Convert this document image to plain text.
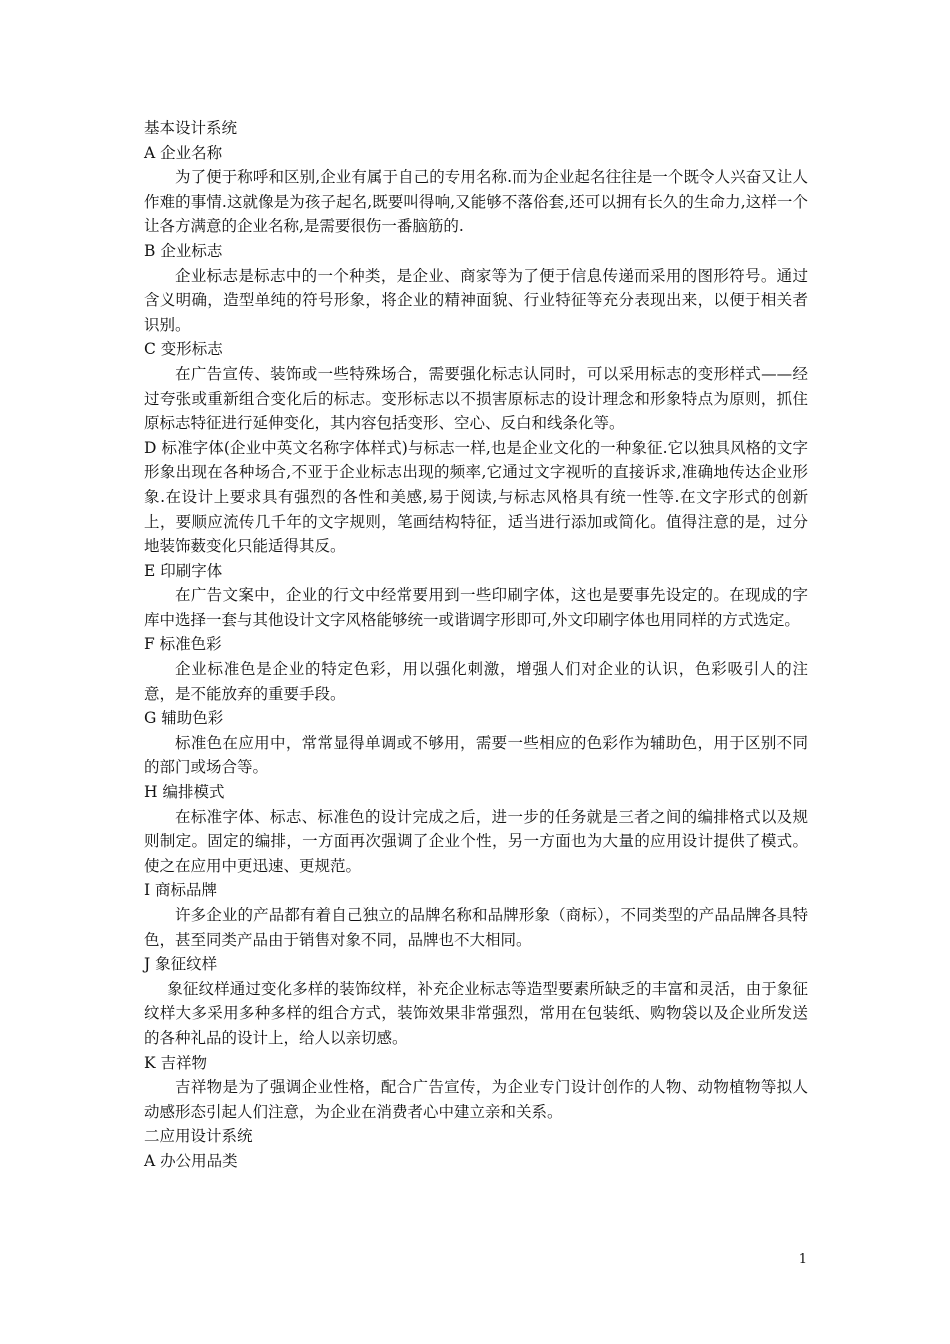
基本设计系统

A 企业名称

为了便于称呼和区别,企业有属于自己的专用名称.而为企业起名往往是一个既令人兴奋又让人作难的事情.这就像是为孩子起名,既要叫得响,又能够不落俗套,还可以拥有长久的生命力,这样一个让各方满意的企业名称,是需要很伤一番脑筋的.

B 企业标志

企业标志是标志中的一个种类，是企业、商家等为了便于信息传递而采用的图形符号。通过含义明确，造型单纯的符号形象，将企业的精神面貌、行业特征等充分表现出来，以便于相关者识别。

C 变形标志

在广告宣传、装饰或一些特殊场合，需要强化标志认同时，可以采用标志的变形样式——经过夸张或重新组合变化后的标志。变形标志以不损害原标志的设计理念和形象特点为原则，抓住原标志特征进行延伸变化，其内容包括变形、空心、反白和线条化等。

D 标准字体(企业中英文名称字体样式)与标志一样,也是企业文化的一种象征.它以独具风格的文字形象出现在各种场合,不亚于企业标志出现的频率,它通过文字视听的直接诉求,准确地传达企业形象.在设计上要求具有强烈的各性和美感,易于阅读,与标志风格具有统一性等.在文字形式的创新上，要顺应流传几千年的文字规则，笔画结构特征，适当进行添加或简化。值得注意的是，过分地装饰薮变化只能适得其反。

E 印刷字体

在广告文案中，企业的行文中经常要用到一些印刷字体，这也是要事先设定的。在现成的字库中选择一套与其他设计文字风格能够统一或谐调字形即可,外文印刷字体也用同样的方式选定。

F 标准色彩

企业标准色是企业的特定色彩，用以强化刺激，增强人们对企业的认识，色彩吸引人的注意，是不能放弃的重要手段。

G 辅助色彩

标准色在应用中，常常显得单调或不够用，需要一些相应的色彩作为辅助色，用于区别不同的部门或场合等。

H 编排模式

在标准字体、标志、标准色的设计完成之后，进一步的任务就是三者之间的编排格式以及规则制定。固定的编排，一方面再次强调了企业个性，另一方面也为大量的应用设计提供了模式。使之在应用中更迅速、更规范。

I 商标品牌

许多企业的产品都有着自己独立的品牌名称和品牌形象（商标），不同类型的产品品牌各具特色，甚至同类产品由于销售对象不同，品牌也不大相同。

J 象征纹样

象征纹样通过变化多样的装饰纹样，补充企业标志等造型要素所缺乏的丰富和灵活，由于象征纹样大多采用多种多样的组合方式，装饰效果非常强烈，常用在包装纸、购物袋以及企业所发送的各种礼品的设计上，给人以亲切感。

K 吉祥物

吉祥物是为了强调企业性格，配合广告宣传，为企业专门设计创作的人物、动物植物等拟人动感形态引起人们注意，为企业在消费者心中建立亲和关系。

二应用设计系统

A 办公用品类

1
